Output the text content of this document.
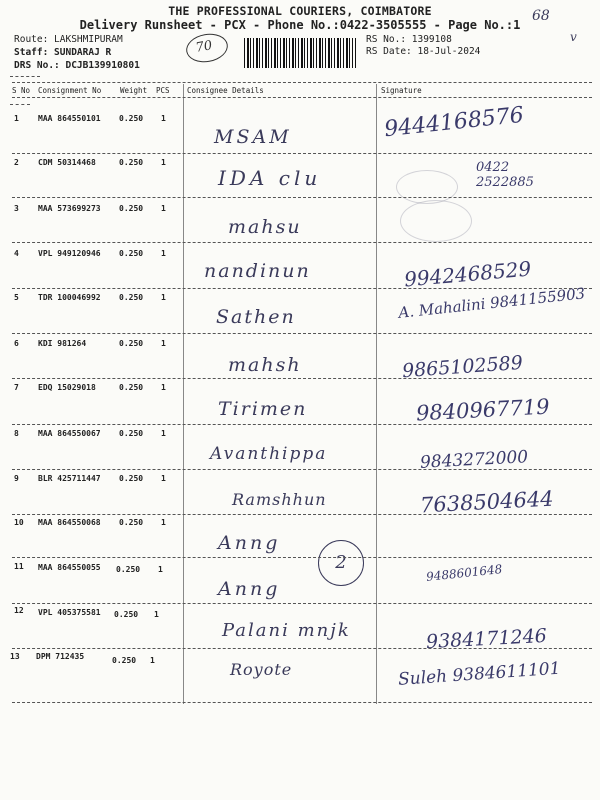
THE PROFESSIONAL COURIERS, COIMBATORE
Delivery Runsheet - PCX - Phone No.:0422-3505555 - Page No.:1
Route: LAKSHMIPURAM
Staff: SUNDARAJ R
DRS No.: DCJB139910801
70	RS No.: 1399108
RS Date: 18-Jul-2024
68
v
S No Consignment No	Weight PCS Consignee Details	Signature
1 MAA 864550101 0.250 1
MSAM	9444168576
2 CDM 50314468	0.250 1
IDA clu	0422 2522885
3 MAA 573699273 0.250 1
mahsu
4 VPL 949120946 0.250 1
nandinun	9942468529
5 TDR 100046992 0.250 1
Sathen	A. Mahalini 9841155903
6 KDI 981264	0.250 1
mahsh	9865102589
7 EDQ 15029018	0.250 1
Tirimen	9840967719
8 MAA 864550067 0.250 1
Avanthippa	9843272000
9 BLR 425711447 0.250 1
Ramshhun	7638504644
10 MAA 864550068 0.250 1
Anng
2
11 MAA 864550055 0.250 1
Anng
9488601648
12 VPL 405375581 0.250 1
Palani mnjk	9384171246
13 DPM 712435	0.250 1	Royote	Suleh 9384611101
